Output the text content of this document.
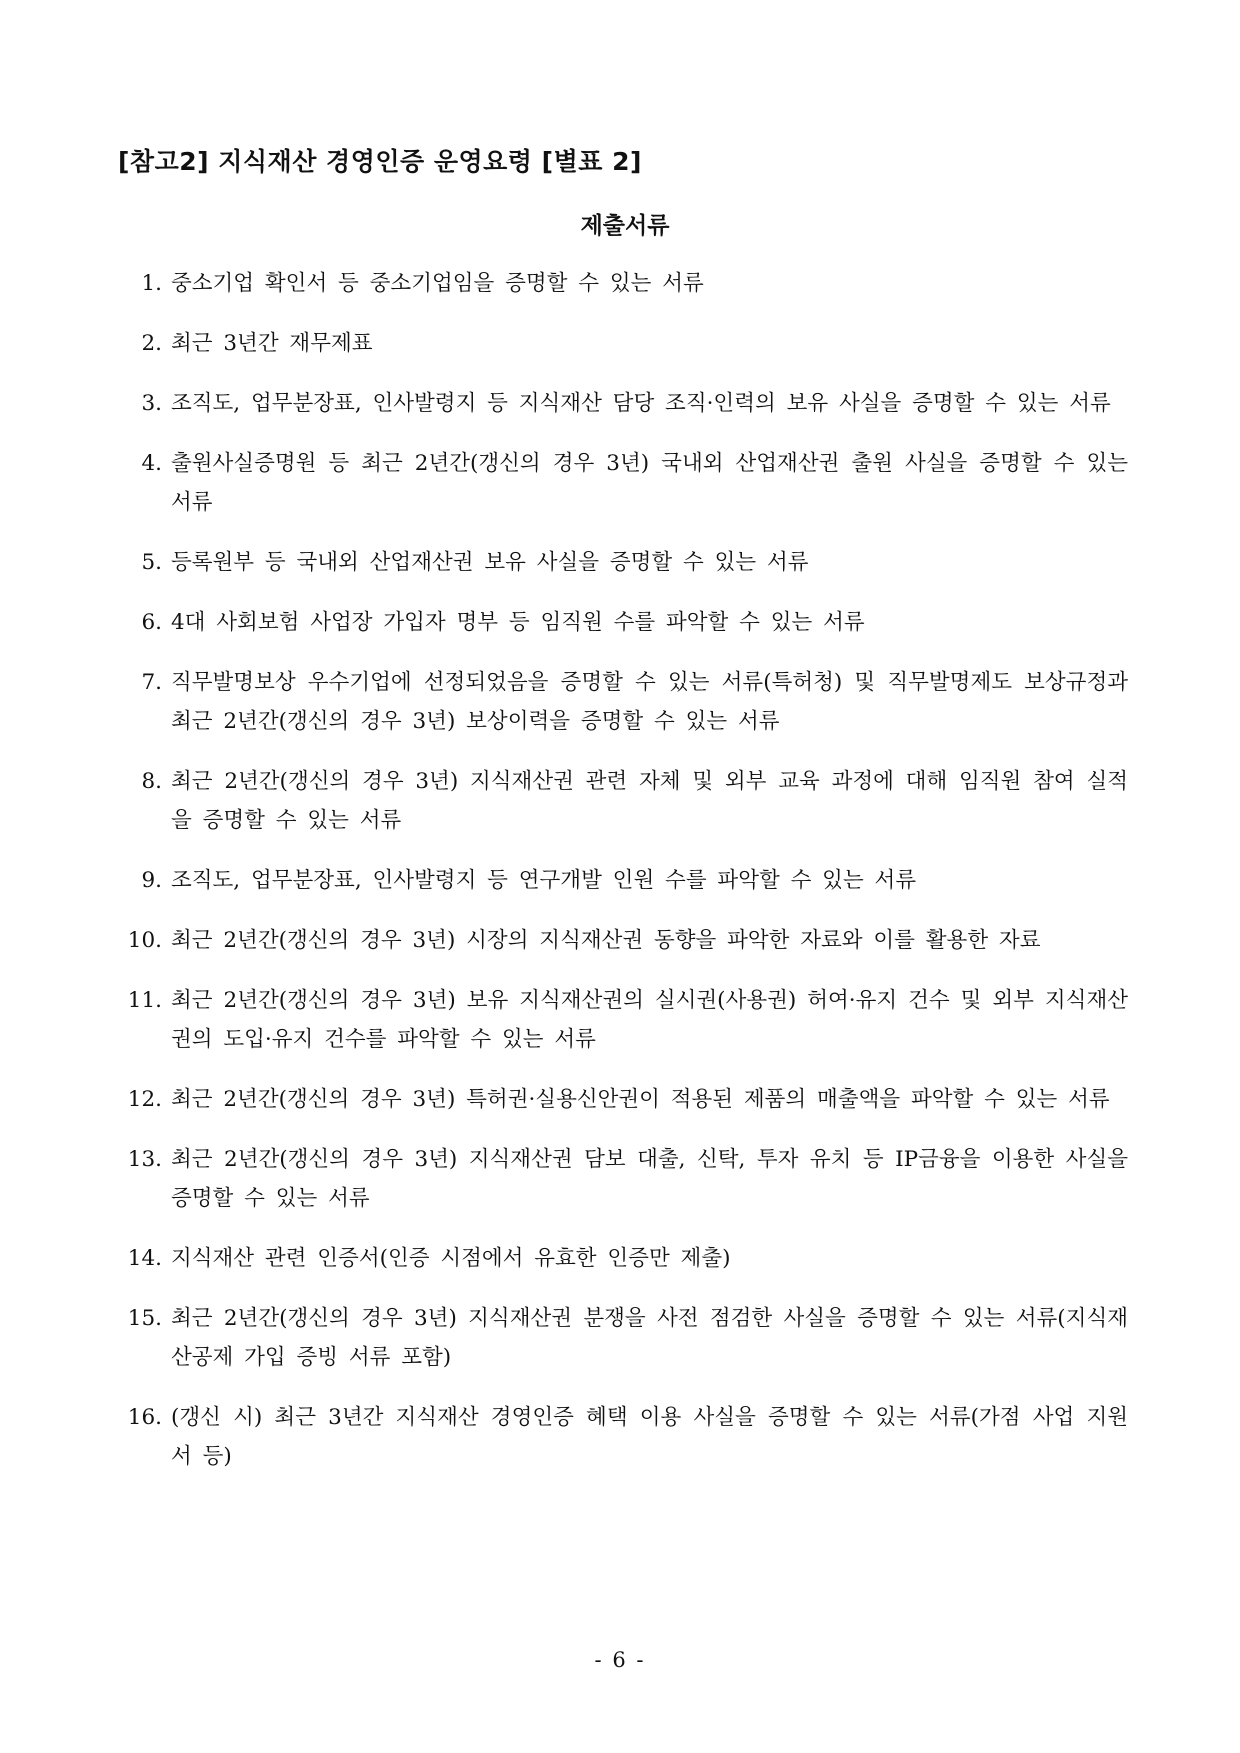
[참고2] 지식재산 경영인증 운영요령 [별표 2]
제출서류
1. 중소기업 확인서 등 중소기업임을 증명할 수 있는 서류
2. 최근 3년간 재무제표
3. 조직도, 업무분장표, 인사발령지 등 지식재산 담당 조직·인력의 보유 사실을 증명할 수 있는 서류
4. 출원사실증명원 등 최근 2년간(갱신의 경우 3년) 국내외 산업재산권 출원 사실을 증명할 수 있는 서류
5. 등록원부 등 국내외 산업재산권 보유 사실을 증명할 수 있는 서류
6. 4대 사회보험 사업장 가입자 명부 등 임직원 수를 파악할 수 있는 서류
7. 직무발명보상 우수기업에 선정되었음을 증명할 수 있는 서류(특허청) 및 직무발명제도 보상규정과 최근 2년간(갱신의 경우 3년) 보상이력을 증명할 수 있는 서류
8. 최근 2년간(갱신의 경우 3년) 지식재산권 관련 자체 및 외부 교육 과정에 대해 임직원 참여 실적을 증명할 수 있는 서류
9. 조직도, 업무분장표, 인사발령지 등 연구개발 인원 수를 파악할 수 있는 서류
10. 최근 2년간(갱신의 경우 3년) 시장의 지식재산권 동향을 파악한 자료와 이를 활용한 자료
11. 최근 2년간(갱신의 경우 3년) 보유 지식재산권의 실시권(사용권) 허여·유지 건수 및 외부 지식재산권의 도입·유지 건수를 파악할 수 있는 서류
12. 최근 2년간(갱신의 경우 3년) 특허권·실용신안권이 적용된 제품의 매출액을 파악할 수 있는 서류
13. 최근 2년간(갱신의 경우 3년) 지식재산권 담보 대출, 신탁, 투자 유치 등 IP금융을 이용한 사실을 증명할 수 있는 서류
14. 지식재산 관련 인증서(인증 시점에서 유효한 인증만 제출)
15. 최근 2년간(갱신의 경우 3년) 지식재산권 분쟁을 사전 점검한 사실을 증명할 수 있는 서류(지식재산공제 가입 증빙 서류 포함)
16. (갱신 시) 최근 3년간 지식재산 경영인증 혜택 이용 사실을 증명할 수 있는 서류(가점 사업 지원서 등)
- 6 -
